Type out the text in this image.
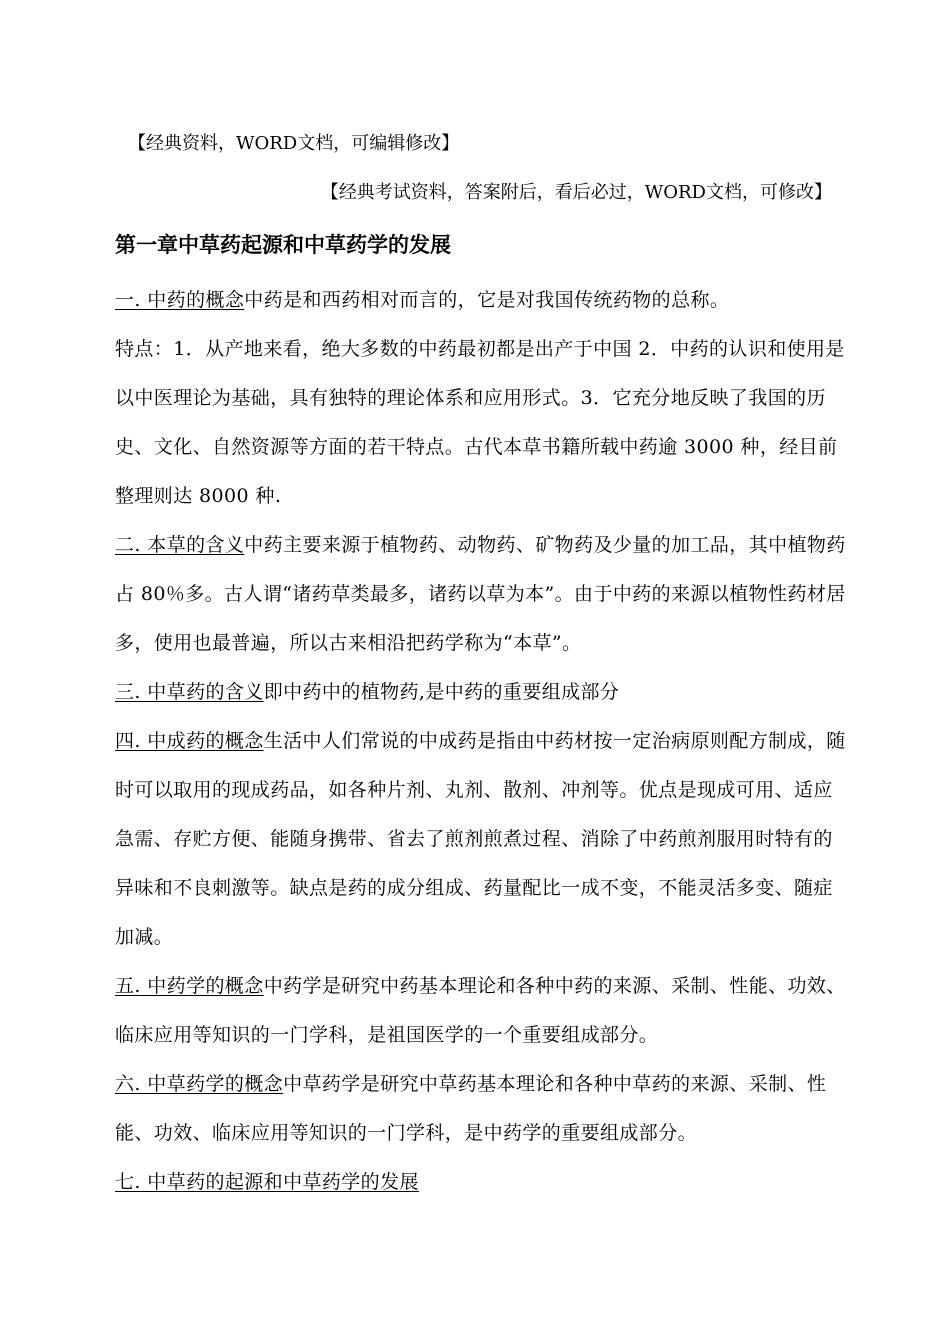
【经典资料，WORD文档，可编辑修改】
【经典考试资料，答案附后，看后必过，WORD文档，可修改】
第一章中草药起源和中草药学的发展

一. 中药的概念中药是和西药相对而言的，它是对我国传统药物的总称。

特点：1．从产地来看，绝大多数的中药最初都是出产于中国 2．中药的认识和使用是以中医理论为基础，具有独特的理论体系和应用形式。3．它充分地反映了我国的历史、文化、自然资源等方面的若干特点。古代本草书籍所载中药逾 3000 种，经目前整理则达 8000 种.

二. 本草的含义中药主要来源于植物药、动物药、矿物药及少量的加工品，其中植物药占 80％多。古人谓“诸药草类最多，诸药以草为本”。由于中药的来源以植物性药材居多，使用也最普遍，所以古来相沿把药学称为“本草”。

三. 中草药的含义即中药中的植物药,是中药的重要组成部分

四. 中成药的概念生活中人们常说的中成药是指由中药材按一定治病原则配方制成，随时可以取用的现成药品，如各种片剂、丸剂、散剂、冲剂等。优点是现成可用、适应急需、存贮方便、能随身携带、省去了煎剂煎煮过程、消除了中药煎剂服用时特有的异味和不良刺激等。缺点是药的成分组成、药量配比一成不变，不能灵活多变、随症加减。

五. 中药学的概念中药学是研究中药基本理论和各种中药的来源、采制、性能、功效、临床应用等知识的一门学科，是祖国医学的一个重要组成部分。

六. 中草药学的概念中草药学是研究中草药基本理论和各种中草药的来源、采制、性能、功效、临床应用等知识的一门学科，是中药学的重要组成部分。

七. 中草药的起源和中草药学的发展
